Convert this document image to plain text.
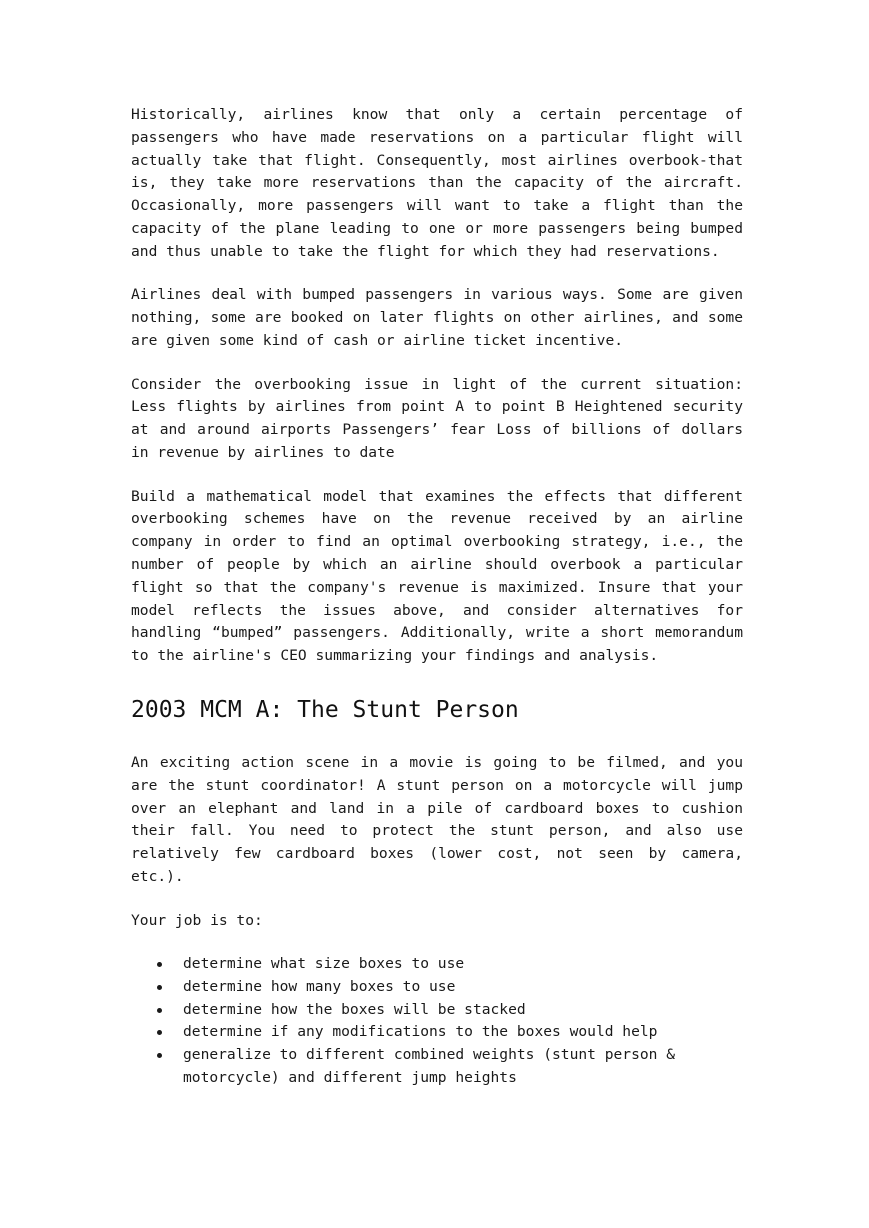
Historically, airlines know that only a certain percentage of passengers who have made reservations on a particular flight will actually take that flight. Consequently, most airlines overbook-that is, they take more reservations than the capacity of the aircraft. Occasionally, more passengers will want to take a flight than the capacity of the plane leading to one or more passengers being bumped and thus unable to take the flight for which they had reservations.

Airlines deal with bumped passengers in various ways. Some are given nothing, some are booked on later flights on other airlines, and some are given some kind of cash or airline ticket incentive.

Consider the overbooking issue in light of the current situation: Less flights by airlines from point A to point B Heightened security at and around airports Passengers’ fear Loss of billions of dollars in revenue by airlines to date

Build a mathematical model that examines the effects that different overbooking schemes have on the revenue received by an airline company in order to find an optimal overbooking strategy, i.e., the number of people by which an airline should overbook a particular flight so that the company's revenue is maximized. Insure that your model reflects the issues above, and consider alternatives for handling “bumped” passengers. Additionally, write a short memorandum to the airline's CEO summarizing your findings and analysis.

2003 MCM A: The Stunt Person

An exciting action scene in a movie is going to be filmed, and you are the stunt coordinator! A stunt person on a motorcycle will jump over an elephant and land in a pile of cardboard boxes to cushion their fall. You need to protect the stunt person, and also use relatively few cardboard boxes (lower cost, not seen by camera, etc.).

Your job is to:

determine what size boxes to use
determine how many boxes to use
determine how the boxes will be stacked
determine if any modifications to the boxes would help
generalize to different combined weights (stunt person & motorcycle) and different jump heights
